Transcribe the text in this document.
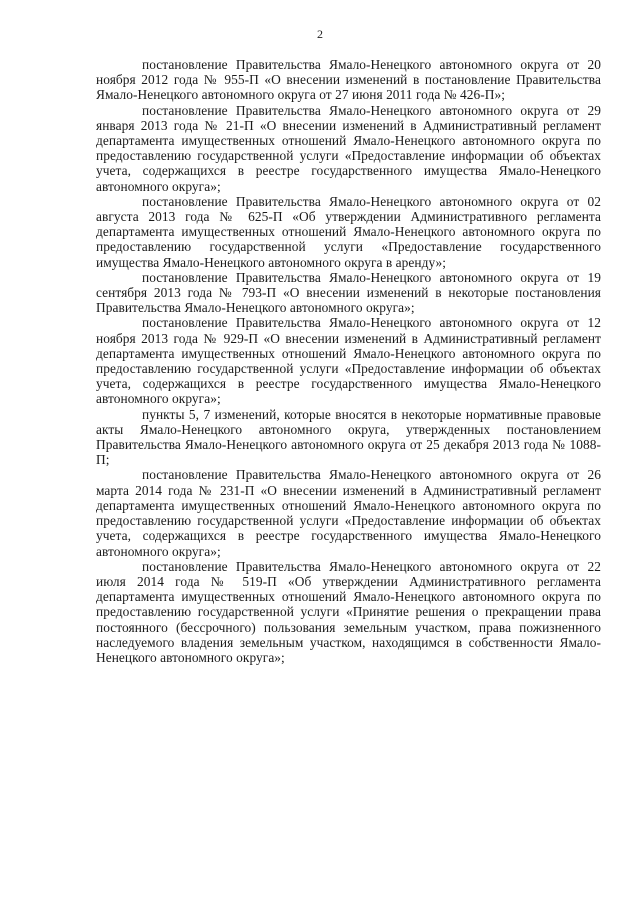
2

постановление Правительства Ямало-Ненецкого автономного округа от 20 ноября 2012 года № 955-П «О внесении изменений в постановление Правительства Ямало-Ненецкого автономного округа от 27 июня 2011 года № 426-П»;

постановление Правительства Ямало-Ненецкого автономного округа от 29 января 2013 года № 21-П «О внесении изменений в Административный регламент департамента имущественных отношений Ямало-Ненецкого автономного округа по предоставлению государственной услуги «Предоставление информации об объектах учета, содержащихся в реестре государственного имущества Ямало-Ненецкого автономного округа»;

постановление Правительства Ямало-Ненецкого автономного округа от 02 августа 2013 года № 625-П «Об утверждении Административного регламента департамента имущественных отношений Ямало-Ненецкого автономного округа по предоставлению государственной услуги «Предоставление государственного имущества Ямало-Ненецкого автономного округа в аренду»;

постановление Правительства Ямало-Ненецкого автономного округа от 19 сентября 2013 года № 793-П «О внесении изменений в некоторые постановления Правительства Ямало-Ненецкого автономного округа»;

постановление Правительства Ямало-Ненецкого автономного округа от 12 ноября 2013 года № 929-П «О внесении изменений в Административный регламент департамента имущественных отношений Ямало-Ненецкого автономного округа по предоставлению государственной услуги «Предоставление информации об объектах учета, содержащихся в реестре государственного имущества Ямало-Ненецкого автономного округа»;

пункты 5, 7 изменений, которые вносятся в некоторые нормативные правовые акты Ямало-Ненецкого автономного округа, утвержденных постановлением Правительства Ямало-Ненецкого автономного округа от 25 декабря 2013 года № 1088-П;

постановление Правительства Ямало-Ненецкого автономного округа от 26 марта 2014 года № 231-П «О внесении изменений в Административный регламент департамента имущественных отношений Ямало-Ненецкого автономного округа по предоставлению государственной услуги «Предоставление информации об объектах учета, содержащихся в реестре государственного имущества Ямало-Ненецкого автономного округа»;

постановление Правительства Ямало-Ненецкого автономного округа от 22 июля 2014 года № 519-П «Об утверждении Административного регламента департамента имущественных отношений Ямало-Ненецкого автономного округа по предоставлению государственной услуги «Принятие решения о прекращении права постоянного (бессрочного) пользования земельным участком, права пожизненного наследуемого владения земельным участком, находящимся в собственности Ямало-Ненецкого автономного округа»;
